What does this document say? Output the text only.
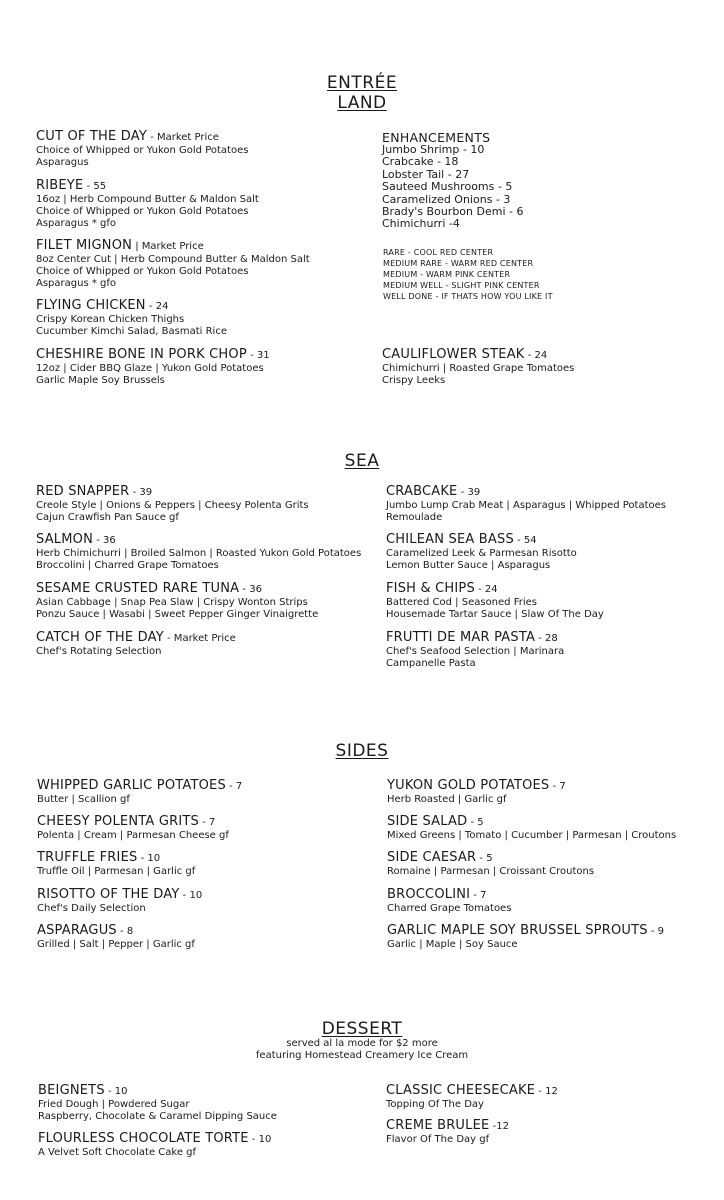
ENTRÉE
LAND
CUT OF THE DAY - Market Price
Choice of Whipped or Yukon Gold Potatoes
Asparagus
RIBEYE - 55
16oz | Herb Compound Butter & Maldon Salt
Choice of Whipped or Yukon Gold Potatoes
Asparagus * gfo
FILET MIGNON | Market Price
8oz Center Cut | Herb Compound Butter & Maldon Salt
Choice of Whipped or Yukon Gold Potatoes
Asparagus * gfo
FLYING CHICKEN - 24
Crispy Korean Chicken Thighs
Cucumber Kimchi Salad, Basmati Rice
CHESHIRE BONE IN PORK CHOP - 31
12oz | Cider BBQ Glaze | Yukon Gold Potatoes
Garlic Maple Soy Brussels
ENHANCEMENTS
Jumbo Shrimp - 10
Crabcake - 18
Lobster Tail - 27
Sauteed Mushrooms - 5
Caramelized Onions - 3
Brady's Bourbon Demi - 6
Chimichurri -4
RARE - COOL RED CENTER
MEDIUM RARE - WARM RED CENTER
MEDIUM - WARM PINK CENTER
MEDIUM WELL - SLIGHT PINK CENTER
WELL DONE - IF THATS HOW YOU LIKE IT
CAULIFLOWER STEAK - 24
Chimichurri | Roasted Grape Tomatoes
Crispy Leeks
SEA
RED SNAPPER - 39
Creole Style | Onions & Peppers | Cheesy Polenta Grits
Cajun Crawfish Pan Sauce gf
SALMON - 36
Herb Chimichurri | Broiled Salmon | Roasted Yukon Gold Potatoes
Broccolini | Charred Grape Tomatoes
SESAME CRUSTED RARE TUNA - 36
Asian Cabbage | Snap Pea Slaw | Crispy Wonton Strips
Ponzu Sauce | Wasabi | Sweet Pepper Ginger Vinaigrette
CATCH OF THE DAY - Market Price
Chef's Rotating Selection
CRABCAKE - 39
Jumbo Lump Crab Meat | Asparagus | Whipped Potatoes
Remoulade
CHILEAN SEA BASS - 54
Caramelized Leek & Parmesan Risotto
Lemon Butter Sauce | Asparagus
FISH & CHIPS - 24
Battered Cod | Seasoned Fries
Housemade Tartar Sauce | Slaw Of The Day
FRUTTI DE MAR PASTA - 28
Chef's Seafood Selection | Marinara
Campanelle Pasta
SIDES
WHIPPED GARLIC POTATOES - 7
Butter | Scallion gf
CHEESY POLENTA GRITS - 7
Polenta | Cream | Parmesan Cheese gf
TRUFFLE FRIES - 10
Truffle Oil | Parmesan | Garlic gf
RISOTTO OF THE DAY - 10
Chef's Daily Selection
ASPARAGUS - 8
Grilled | Salt | Pepper | Garlic gf
YUKON GOLD POTATOES - 7
Herb Roasted | Garlic gf
SIDE SALAD - 5
Mixed Greens | Tomato | Cucumber | Parmesan | Croutons
SIDE CAESAR - 5
Romaine | Parmesan | Croissant Croutons
BROCCOLINI - 7
Charred Grape Tomatoes
GARLIC MAPLE SOY BRUSSEL SPROUTS - 9
Garlic | Maple | Soy Sauce
DESSERT
served al la mode for $2 more
featuring Homestead Creamery Ice Cream
BEIGNETS - 10
Fried Dough | Powdered Sugar
Raspberry, Chocolate & Caramel Dipping Sauce
FLOURLESS CHOCOLATE TORTE - 10
A Velvet Soft Chocolate Cake gf
CLASSIC CHEESECAKE - 12
Topping Of The Day
CREME BRULEE -12
Flavor Of The Day gf
